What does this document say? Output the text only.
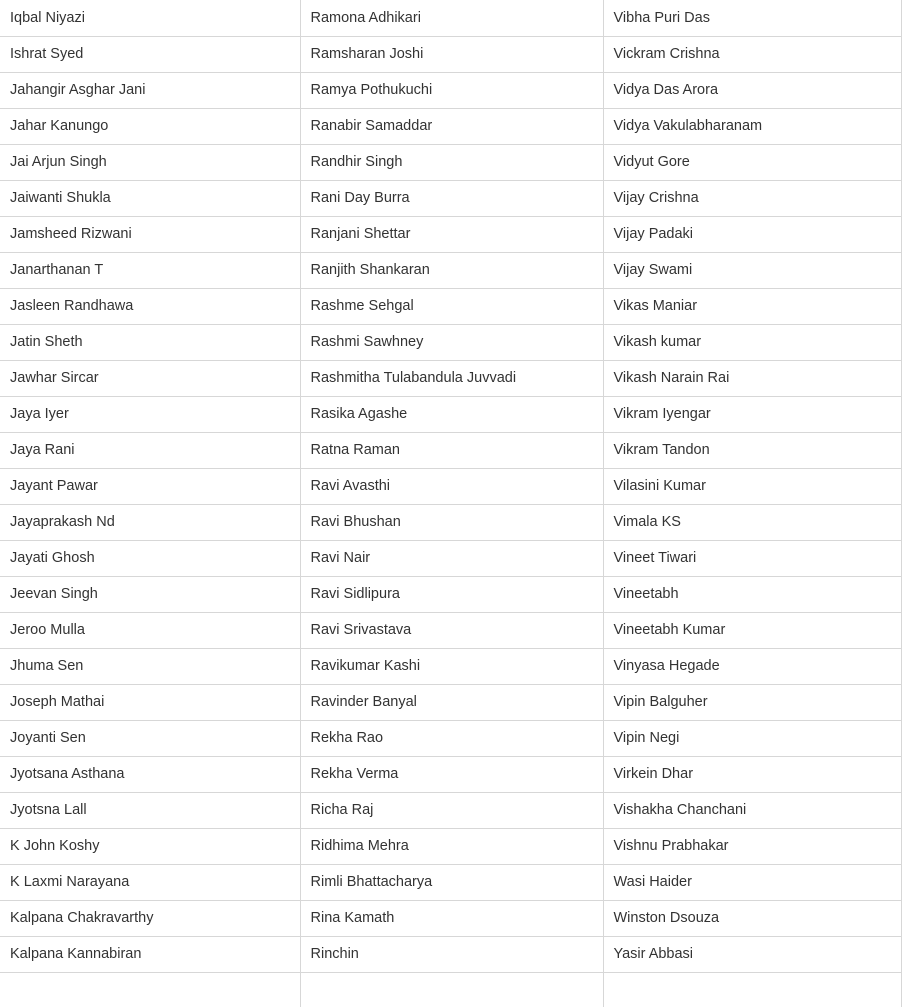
Iqbal Niyazi	Ramona Adhikari	Vibha Puri Das
Ishrat Syed	Ramsharan Joshi	Vickram Crishna
Jahangir Asghar Jani	Ramya Pothukuchi	Vidya Das Arora
Jahar Kanungo	Ranabir Samaddar	Vidya Vakulabharanam
Jai Arjun Singh	Randhir Singh	Vidyut Gore
Jaiwanti Shukla	Rani Day Burra	Vijay Crishna
Jamsheed Rizwani	Ranjani Shettar	Vijay Padaki
Janarthanan T	Ranjith Shankaran	Vijay Swami
Jasleen Randhawa	Rashme Sehgal	Vikas Maniar
Jatin Sheth	Rashmi Sawhney	Vikash kumar
Jawhar Sircar	Rashmitha Tulabandula Juvvadi	Vikash Narain Rai
Jaya Iyer	Rasika Agashe	Vikram Iyengar
Jaya Rani	Ratna Raman	Vikram Tandon
Jayant Pawar	Ravi Avasthi	Vilasini Kumar
Jayaprakash Nd	Ravi Bhushan	Vimala KS
Jayati Ghosh	Ravi Nair	Vineet Tiwari
Jeevan Singh	Ravi Sidlipura	Vineetabh
Jeroo Mulla	Ravi Srivastava	Vineetabh Kumar
Jhuma Sen	Ravikumar Kashi	Vinyasa Hegade
Joseph Mathai	Ravinder Banyal	Vipin Balguher
Joyanti Sen	Rekha Rao	Vipin Negi
Jyotsana Asthana	Rekha Verma	Virkein Dhar
Jyotsna Lall	Richa Raj	Vishakha Chanchani
K John Koshy	Ridhima Mehra	Vishnu Prabhakar
K Laxmi Narayana	Rimli Bhattacharya	Wasi Haider
Kalpana Chakravarthy	Rina Kamath	Winston Dsouza
Kalpana Kannabiran	Rinchin	Yasir Abbasi
